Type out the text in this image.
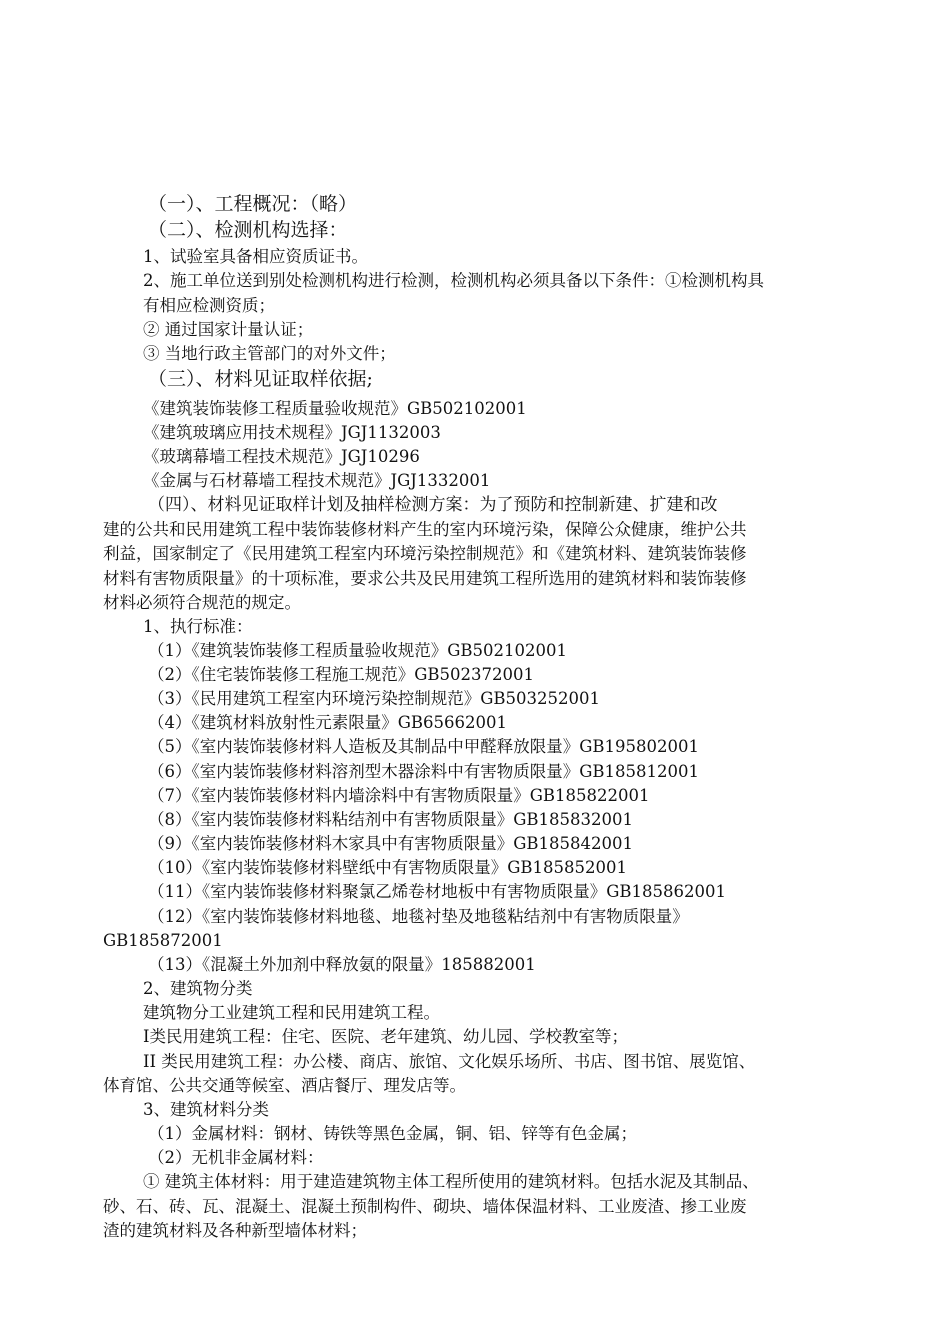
（一）、工程概况：（略）
（二）、检测机构选择：
1、试验室具备相应资质证书。
2、施工单位送到别处检测机构进行检测，检测机构必须具备以下条件：①检测机构具
有相应检测资质；
② 通过国家计量认证；
③ 当地行政主管部门的对外文件；
（三）、材料见证取样依据;
《建筑装饰装修工程质量验收规范》GB502102001
《建筑玻璃应用技术规程》JGJ1132003
《玻璃幕墙工程技术规范》JGJ10296
《金属与石材幕墙工程技术规范》JGJ1332001
（四）、材料见证取样计划及抽样检测方案：为了预防和控制新建、扩建和改
建的公共和民用建筑工程中装饰装修材料产生的室内环境污染，保障公众健康，维护公共
利益，国家制定了《民用建筑工程室内环境污染控制规范》和《建筑材料、建筑装饰装修
材料有害物质限量》的十项标准，要求公共及民用建筑工程所选用的建筑材料和装饰装修
材料必须符合规范的规定。
1、执行标准：
（1）《建筑装饰装修工程质量验收规范》GB502102001
（2）《住宅装饰装修工程施工规范》GB502372001
（3）《民用建筑工程室内环境污染控制规范》GB503252001
（4）《建筑材料放射性元素限量》GB65662001
（5）《室内装饰装修材料人造板及其制品中甲醛释放限量》GB195802001
（6）《室内装饰装修材料溶剂型木器涂料中有害物质限量》GB185812001
（7）《室内装饰装修材料内墙涂料中有害物质限量》GB185822001
（8）《室内装饰装修材料粘结剂中有害物质限量》GB185832001
（9）《室内装饰装修材料木家具中有害物质限量》GB185842001
（10）《室内装饰装修材料壁纸中有害物质限量》GB185852001
（11）《室内装饰装修材料聚氯乙烯卷材地板中有害物质限量》GB185862001
（12）《室内装饰装修材料地毯、地毯衬垫及地毯粘结剂中有害物质限量》
GB185872001
（13）《混凝土外加剂中释放氨的限量》185882001
2、建筑物分类
建筑物分工业建筑工程和民用建筑工程。
Ⅰ类民用建筑工程：住宅、医院、老年建筑、幼儿园、学校教室等；
II 类民用建筑工程：办公楼、商店、旅馆、文化娱乐场所、书店、图书馆、展览馆、
体育馆、公共交通等候室、酒店餐厅、理发店等。
3、建筑材料分类
（1）金属材料：钢材、铸铁等黑色金属，铜、铝、锌等有色金属；
（2）无机非金属材料：
① 建筑主体材料：用于建造建筑物主体工程所使用的建筑材料。包括水泥及其制品、
砂、石、砖、瓦、混凝土、混凝土预制构件、砌块、墙体保温材料、工业废渣、掺工业废
渣的建筑材料及各种新型墙体材料；
